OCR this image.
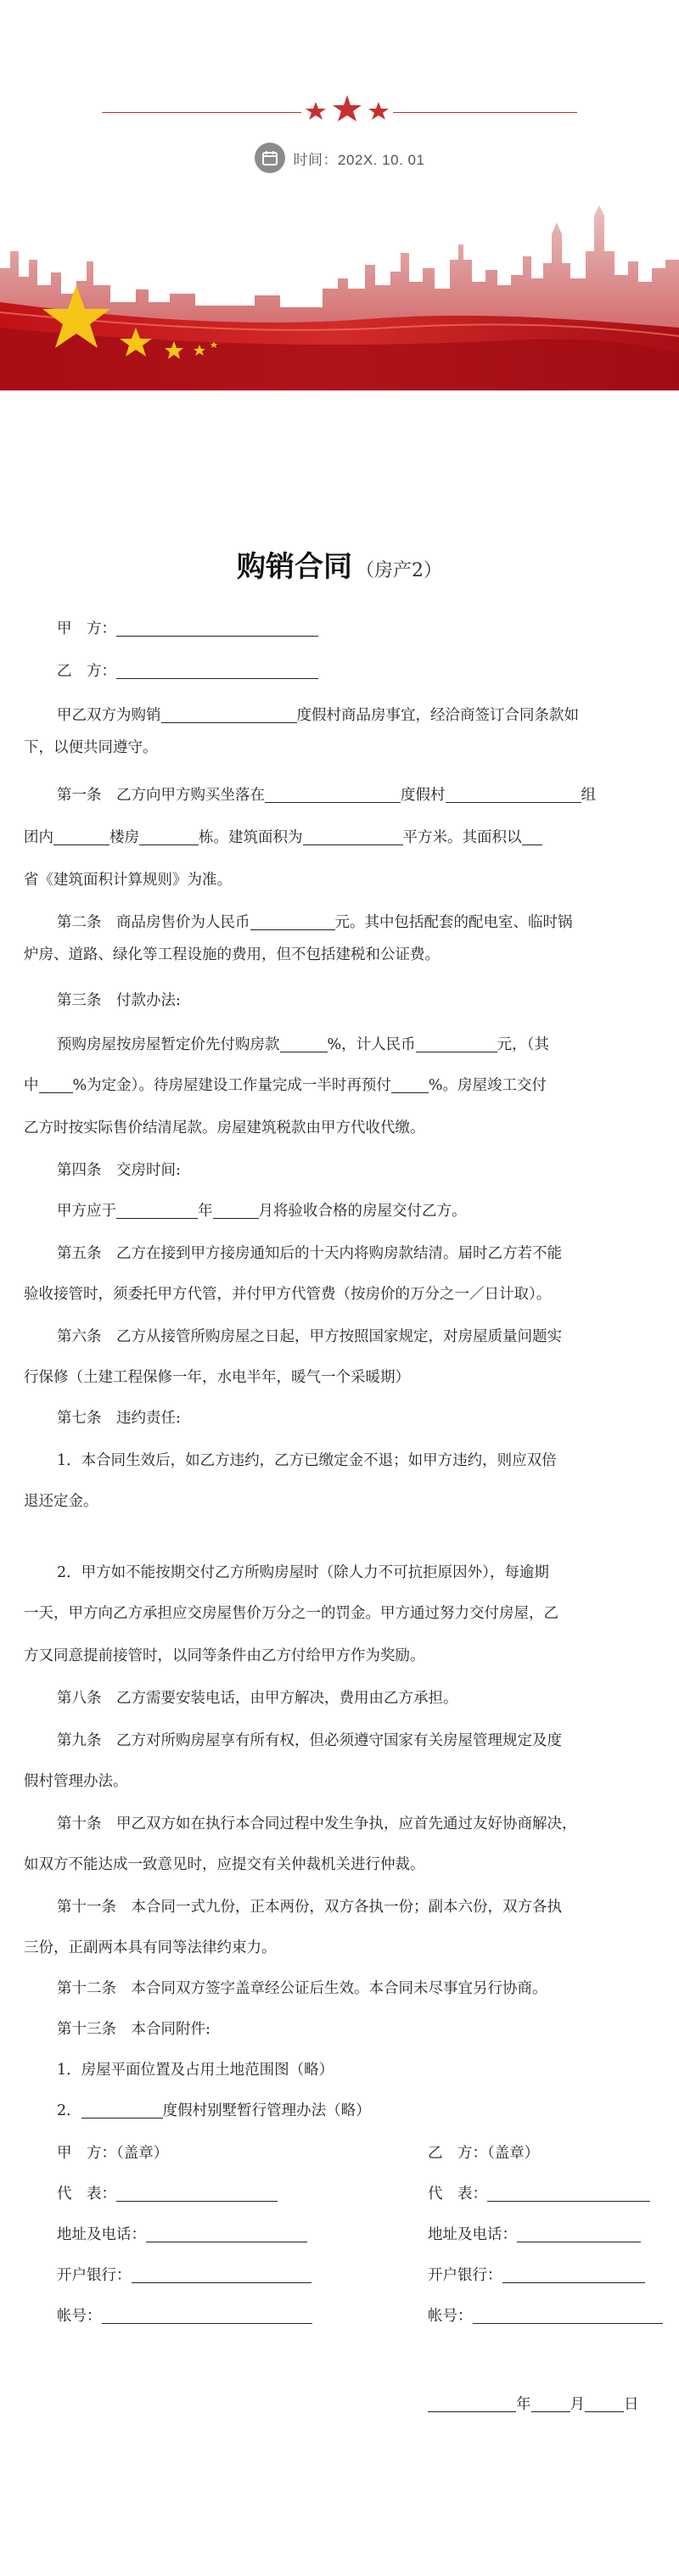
时间：202X. 10. 01
购销合同 （房产2）
甲　方：
乙　方：
甲乙双方为购销	度假村商品房事宜，经洽商签订合同条款如
下，以便共同遵守。
第一条　乙方向甲方购买坐落在	度假村	组
团内	楼房	栋。建筑面积为	平方米。其面积以
省《建筑面积计算规则》为准。
第二条　商品房售价为人民币	元。其中包括配套的配电室、临时锅
炉房、道路、绿化等工程设施的费用，但不包括建税和公证费。
第三条　付款办法:
预购房屋按房屋暂定价先付购房款	%，计人民币	元，（其
中 %为定金）。待房屋建设工作量完成一半时再预付	%。房屋竣工交付
乙方时按实际售价结清尾款。房屋建筑税款由甲方代收代缴。
第四条　交房时间:
甲方应于	年	月将验收合格的房屋交付乙方。
第五条　乙方在接到甲方接房通知后的十天内将购房款结清。届时乙方若不能
验收接管时，须委托甲方代管，并付甲方代管费（按房价的万分之一／日计取）。
第六条　乙方从接管所购房屋之日起，甲方按照国家规定，对房屋质量问题实
行保修（土建工程保修一年，水电半年，暖气一个采暖期）
第七条　违约责任:
1．本合同生效后，如乙方违约，乙方已缴定金不退；如甲方违约，则应双倍
退还定金。
2．甲方如不能按期交付乙方所购房屋时（除人力不可抗拒原因外），每逾期
一天，甲方向乙方承担应交房屋售价万分之一的罚金。甲方通过努力交付房屋，乙
方又同意提前接管时，以同等条件由乙方付给甲方作为奖励。
第八条　乙方需要安装电话，由甲方解决，费用由乙方承担。
第九条　乙方对所购房屋享有所有权，但必须遵守国家有关房屋管理规定及度
假村管理办法。
第十条　甲乙双方如在执行本合同过程中发生争执，应首先通过友好协商解决，
如双方不能达成一致意见时，应提交有关仲裁机关进行仲裁。
第十一条　本合同一式九份，正本两份，双方各执一份；副本六份，双方各执
三份，正副两本具有同等法律约束力。
第十二条　本合同双方签字盖章经公证后生效。本合同未尽事宜另行协商。
第十三条　本合同附件:
1．房屋平面位置及占用土地范围图（略）
2．	度假村别墅暂行管理办法（略）
甲　方：（盖章）
代　表：
地址及电话：
开户银行：
帐号：
乙　方：（盖章）
代　表：
地址及电话：
开户银行：
帐号：
年	月	日
